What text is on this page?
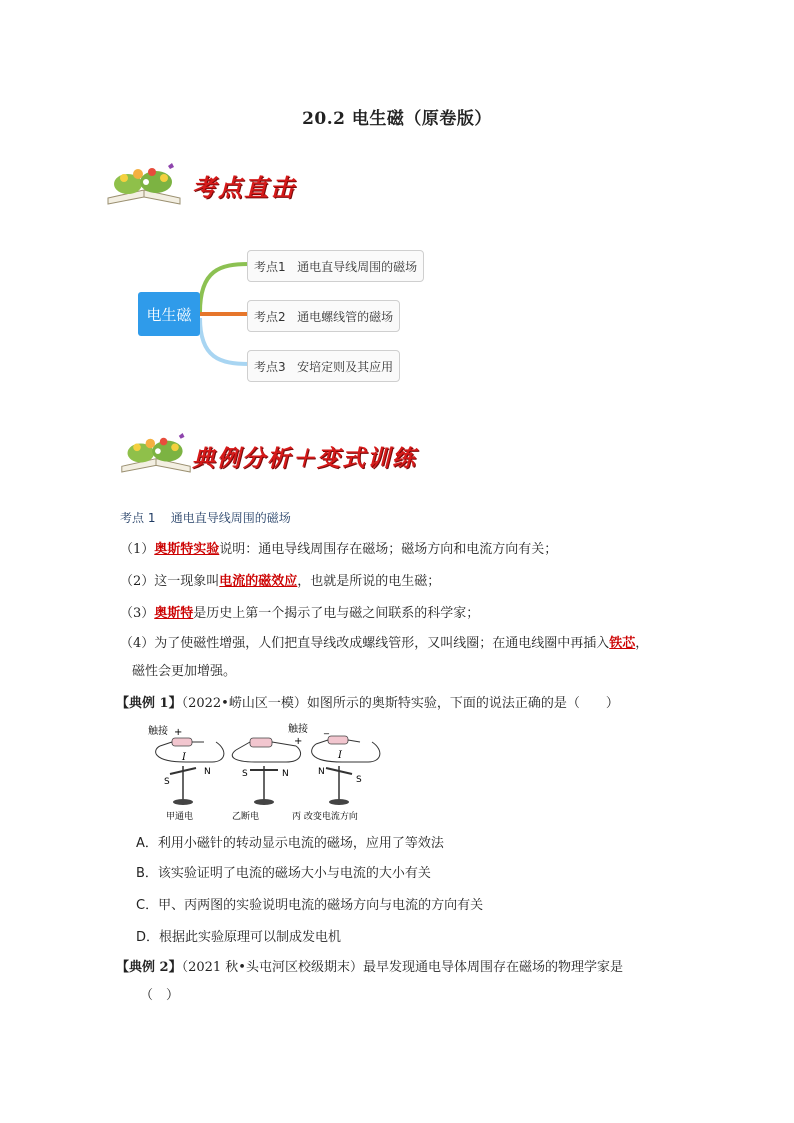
20.2 电生磁（原卷版）
考点直击
电生磁
考点1   通电直导线周围的磁场
考点2   通电螺线管的磁场
考点3   安培定则及其应用
典例分析＋变式训练
考点 1    通电直导线周围的磁场
（1）奥斯特实验说明：通电导线周围存在磁场；磁场方向和电流方向有关；
（2）这一现象叫电流的磁效应，也就是所说的电生磁；
（3）奥斯特是历史上第一个揭示了电与磁之间联系的科学家；
（4）为了使磁性增强，人们把直导线改成螺线管形，又叫线圈；在通电线圈中再插入铁芯，
磁性会更加增强。
【典例 1】（2022•崂山区一模）如图所示的奥斯特实验，下面的说法正确的是（　　）
触接 +
I
S
N	S	N
触接
+
_
I
N
S
甲通电	乙断电	丙 改变电流方向
A．利用小磁针的转动显示电流的磁场，应用了等效法
B．该实验证明了电流的磁场大小与电流的大小有关
C．甲、丙两图的实验说明电流的磁场方向与电流的方向有关
D．根据此实验原理可以制成发电机
【典例 2】（2021 秋•头屯河区校级期末）最早发现通电导体周围存在磁场的物理学家是
（　）
